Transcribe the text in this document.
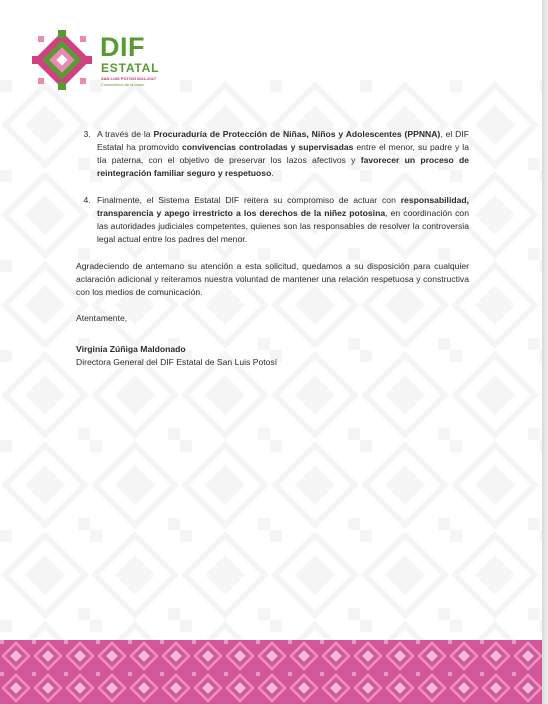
DIF
ESTATAL
SAN LUIS POTOSÍ 2021-2027
Construimos de la mano
3. A través de la Procuraduría de Protección de Niñas, Niños y Adolescentes (PPNNA), el DIF Estatal ha promovido convivencias controladas y supervisadas entre el menor, su padre y la tía paterna, con el objetivo de preservar los lazos afectivos y favorecer un proceso de reintegración familiar seguro y respetuoso.
4. Finalmente, el Sistema Estatal DIF reitera su compromiso de actuar con responsabilidad, transparencia y apego irrestricto a los derechos de la niñez potosina, en coordinación con las autoridades judiciales competentes, quienes son las responsables de resolver la controversia legal actual entre los padres del menor.

Agradeciendo de antemano su atención a esta solicitud, quedamos a su disposición para cualquier aclaración adicional y reiteramos nuestra voluntad de mantener una relación respetuosa y constructiva con los medios de comunicación.

Atentamente,

Virginia Zúñiga Maldonado

Directora General del DIF Estatal de San Luis Potosí
